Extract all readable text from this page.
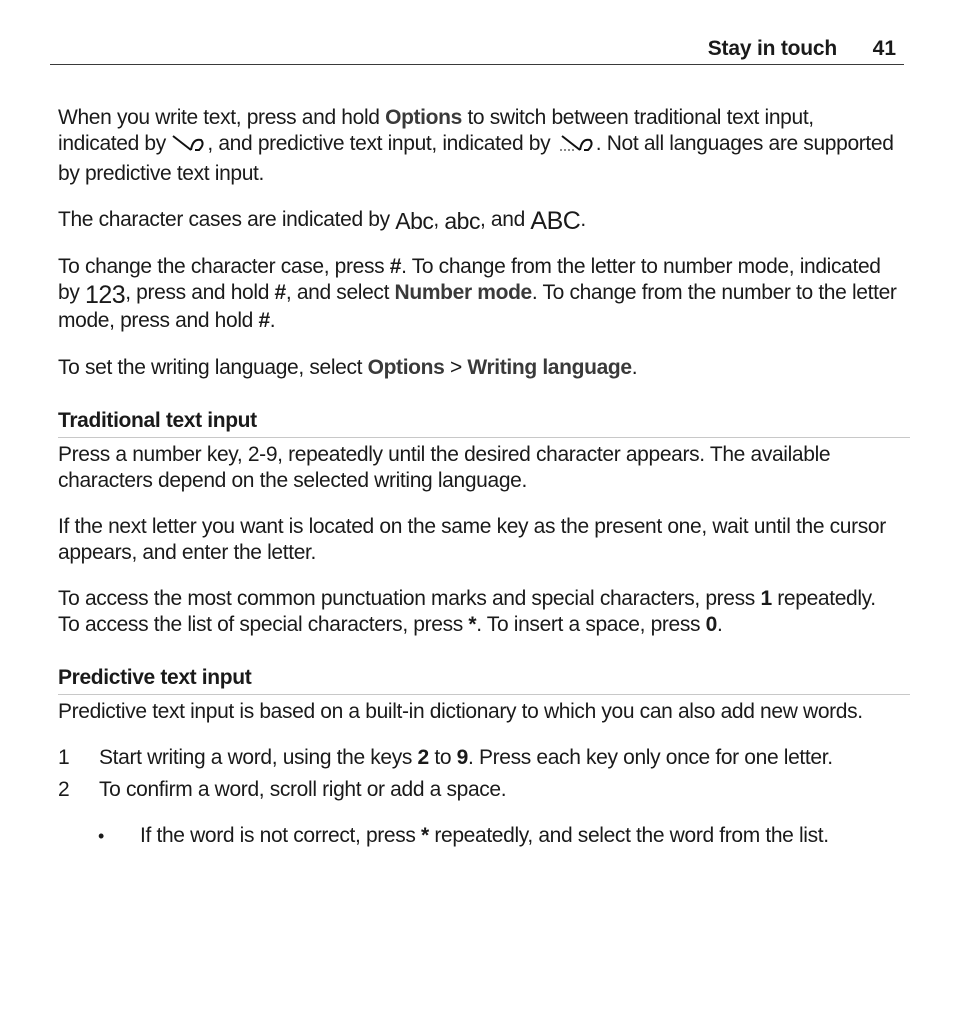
Stay in touch 41

When you write text, press and hold Options to switch between traditional text input, indicated by , and predictive text input, indicated by . Not all languages are supported by predictive text input.

The character cases are indicated by Abc, abc, and ABC.

To change the character case, press #. To change from the letter to number mode, indicated by 123, press and hold #, and select Number mode. To change from the number to the letter mode, press and hold #.

To set the writing language, select Options > Writing language.

Traditional text input

Press a number key, 2-9, repeatedly until the desired character appears. The available characters depend on the selected writing language.

If the next letter you want is located on the same key as the present one, wait until the cursor appears, and enter the letter.

To access the most common punctuation marks and special characters, press 1 repeatedly. To access the list of special characters, press *. To insert a space, press 0.

Predictive text input

Predictive text input is based on a built-in dictionary to which you can also add new words.

1 Start writing a word, using the keys 2 to 9. Press each key only once for one letter.
2 To confirm a word, scroll right or add a space.
• If the word is not correct, press * repeatedly, and select the word from the list.
